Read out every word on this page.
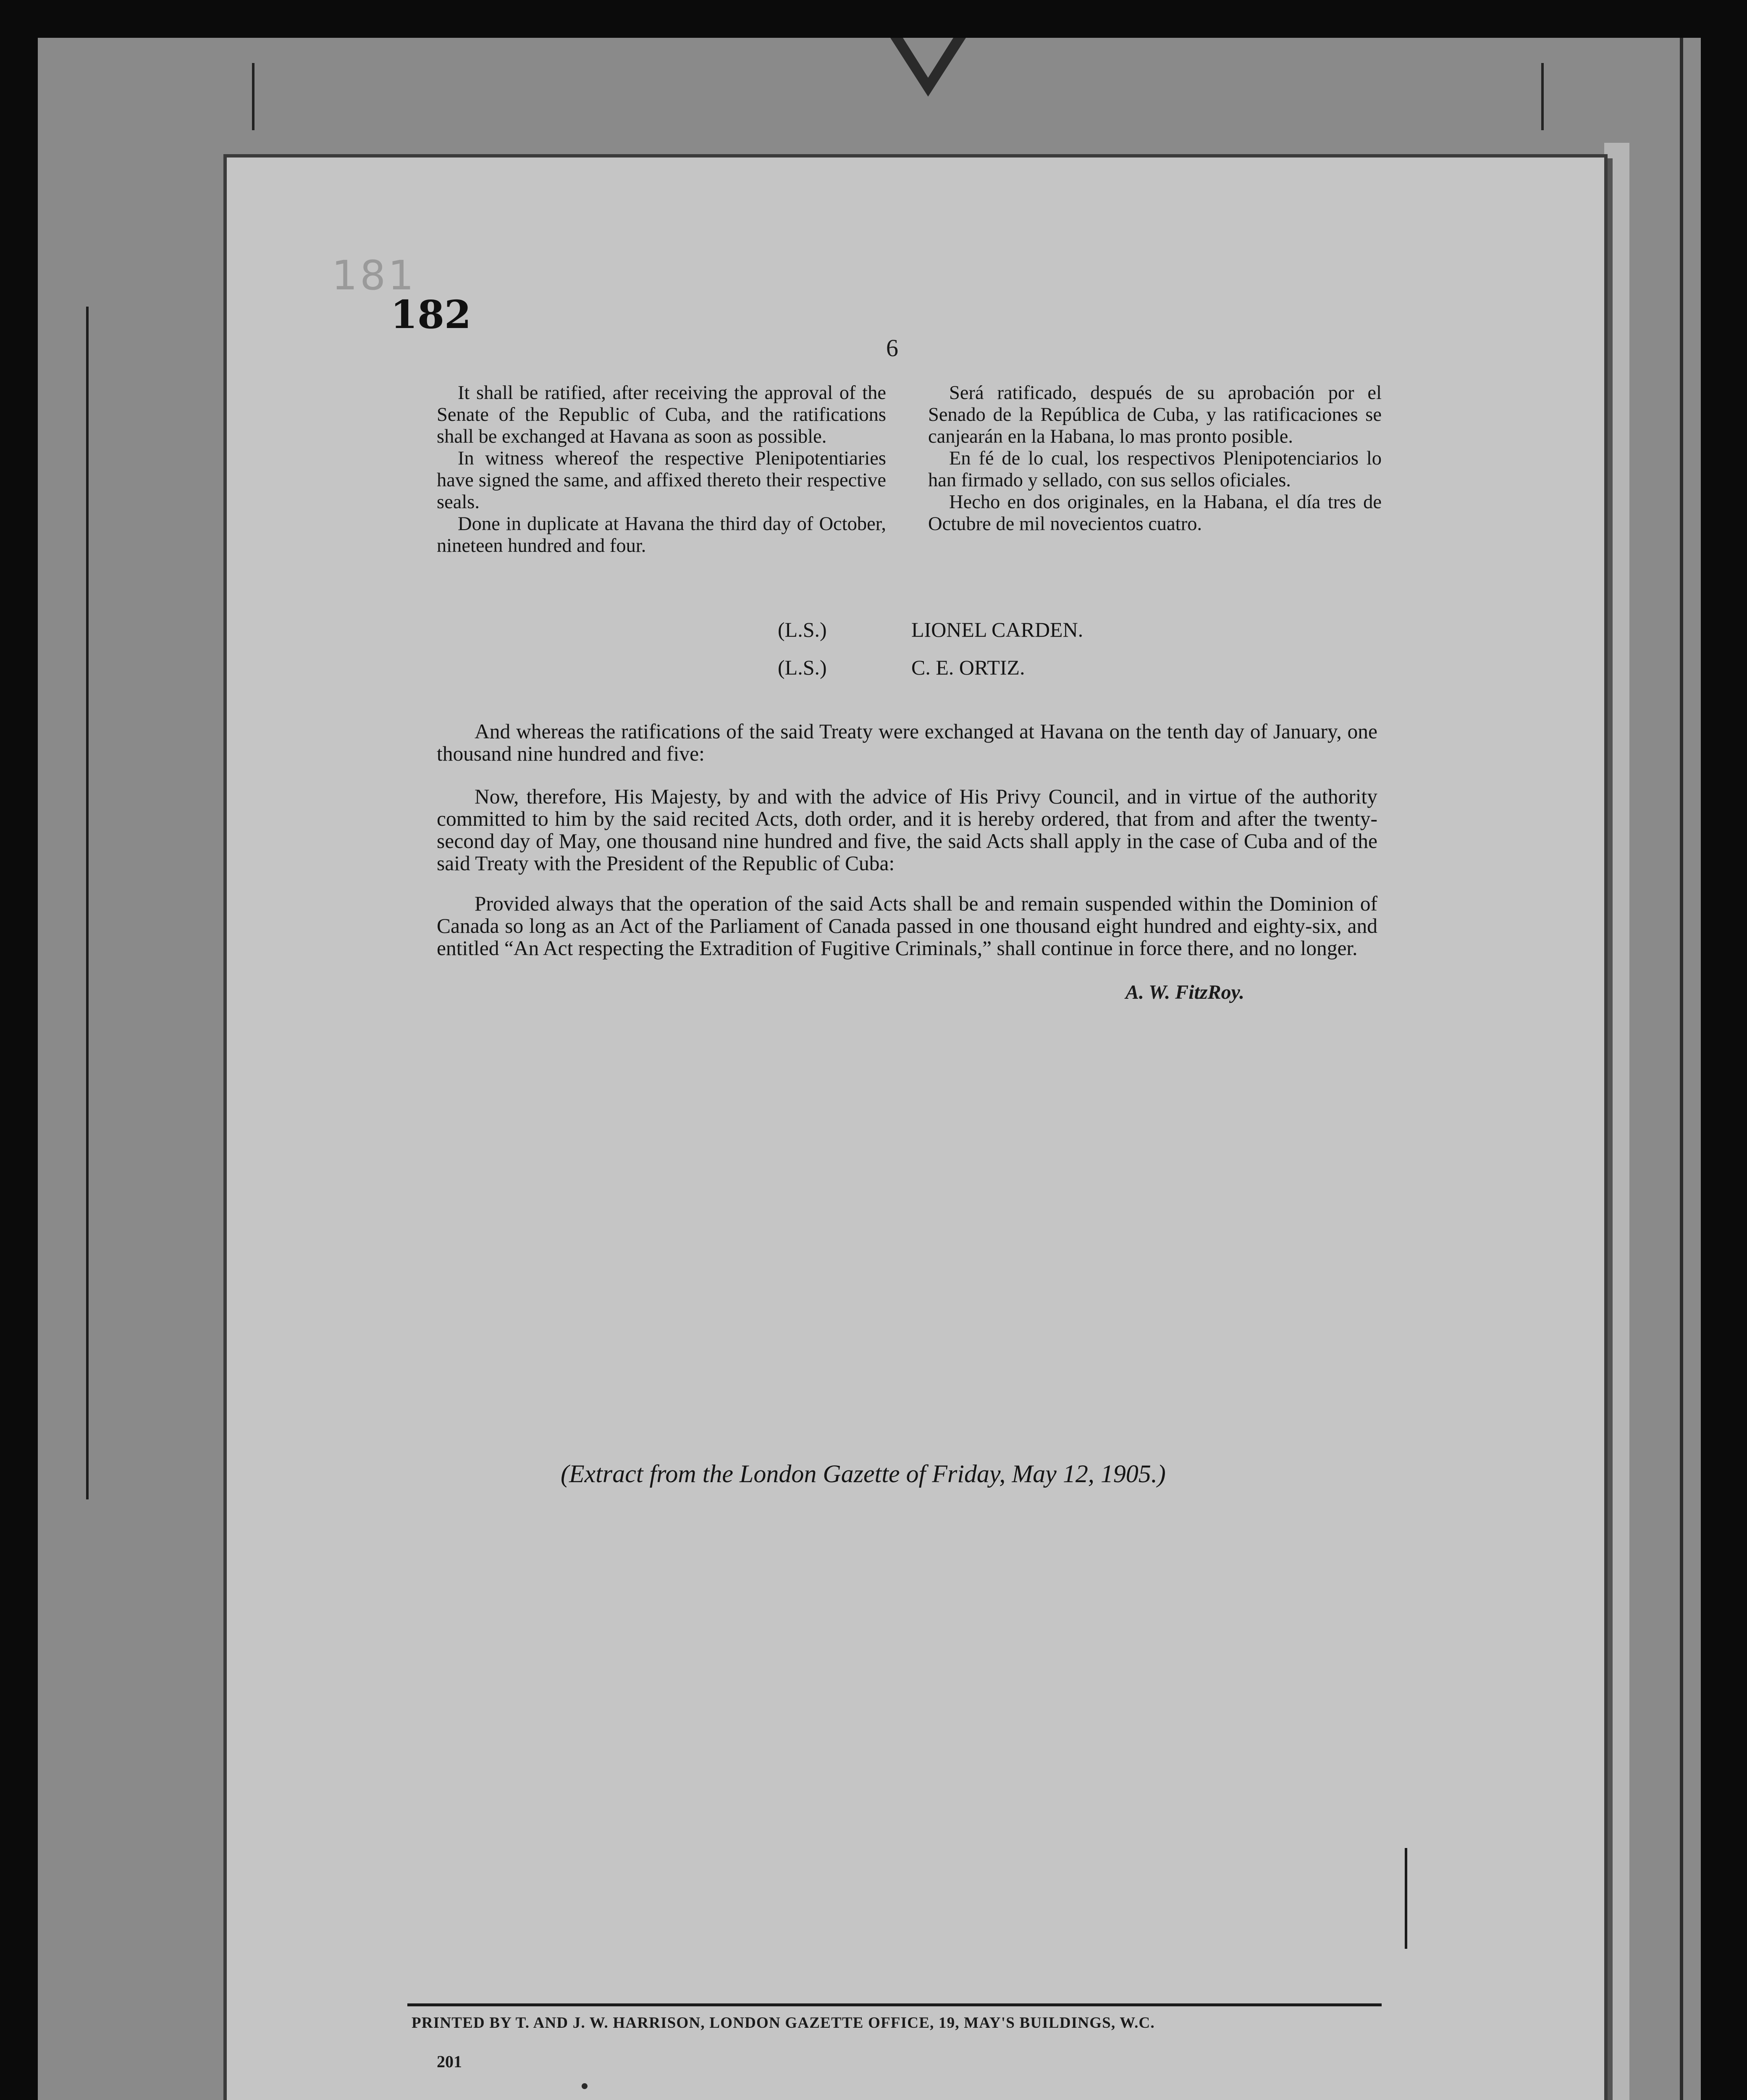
181
182
6

It shall be ratified, after receiving the approval of the Senate of the Republic of Cuba, and the ratifications shall be exchanged at Havana as soon as possible.

In witness whereof the respective Plenipotentiaries have signed the same, and affixed thereto their respective seals.

Done in duplicate at Havana the third day of October, nineteen hundred and four.

Será ratificado, después de su aprobación por el Senado de la República de Cuba, y las ratificaciones se canjearán en la Habana, lo mas pronto posible.

En fé de lo cual, los respectivos Plenipotenciarios lo han firmado y sellado, con sus sellos oficiales.

Hecho en dos originales, en la Habana, el día tres de Octubre de mil novecientos cuatro.

(L.S.)	LIONEL CARDEN.
(L.S.)	C. E. ORTIZ.

And whereas the ratifications of the said Treaty were exchanged at Havana on the tenth day of January, one thousand nine hundred and five:

Now, therefore, His Majesty, by and with the advice of His Privy Council, and in virtue of the authority committed to him by the said recited Acts, doth order, and it is hereby ordered, that from and after the twenty-second day of May, one thousand nine hundred and five, the said Acts shall apply in the case of Cuba and of the said Treaty with the President of the Republic of Cuba:

Provided always that the operation of the said Acts shall be and remain suspended within the Dominion of Canada so long as an Act of the Parliament of Canada passed in one thousand eight hundred and eighty-six, and entitled “An Act respecting the Extradition of Fugitive Criminals,” shall continue in force there, and no longer.

A. W. FitzRoy.
(Extract from the London Gazette of Friday, May 12, 1905.)
PRINTED BY T. AND J. W. HARRISON, LONDON GAZETTE OFFICE, 19, MAY'S BUILDINGS, W.C.
201
